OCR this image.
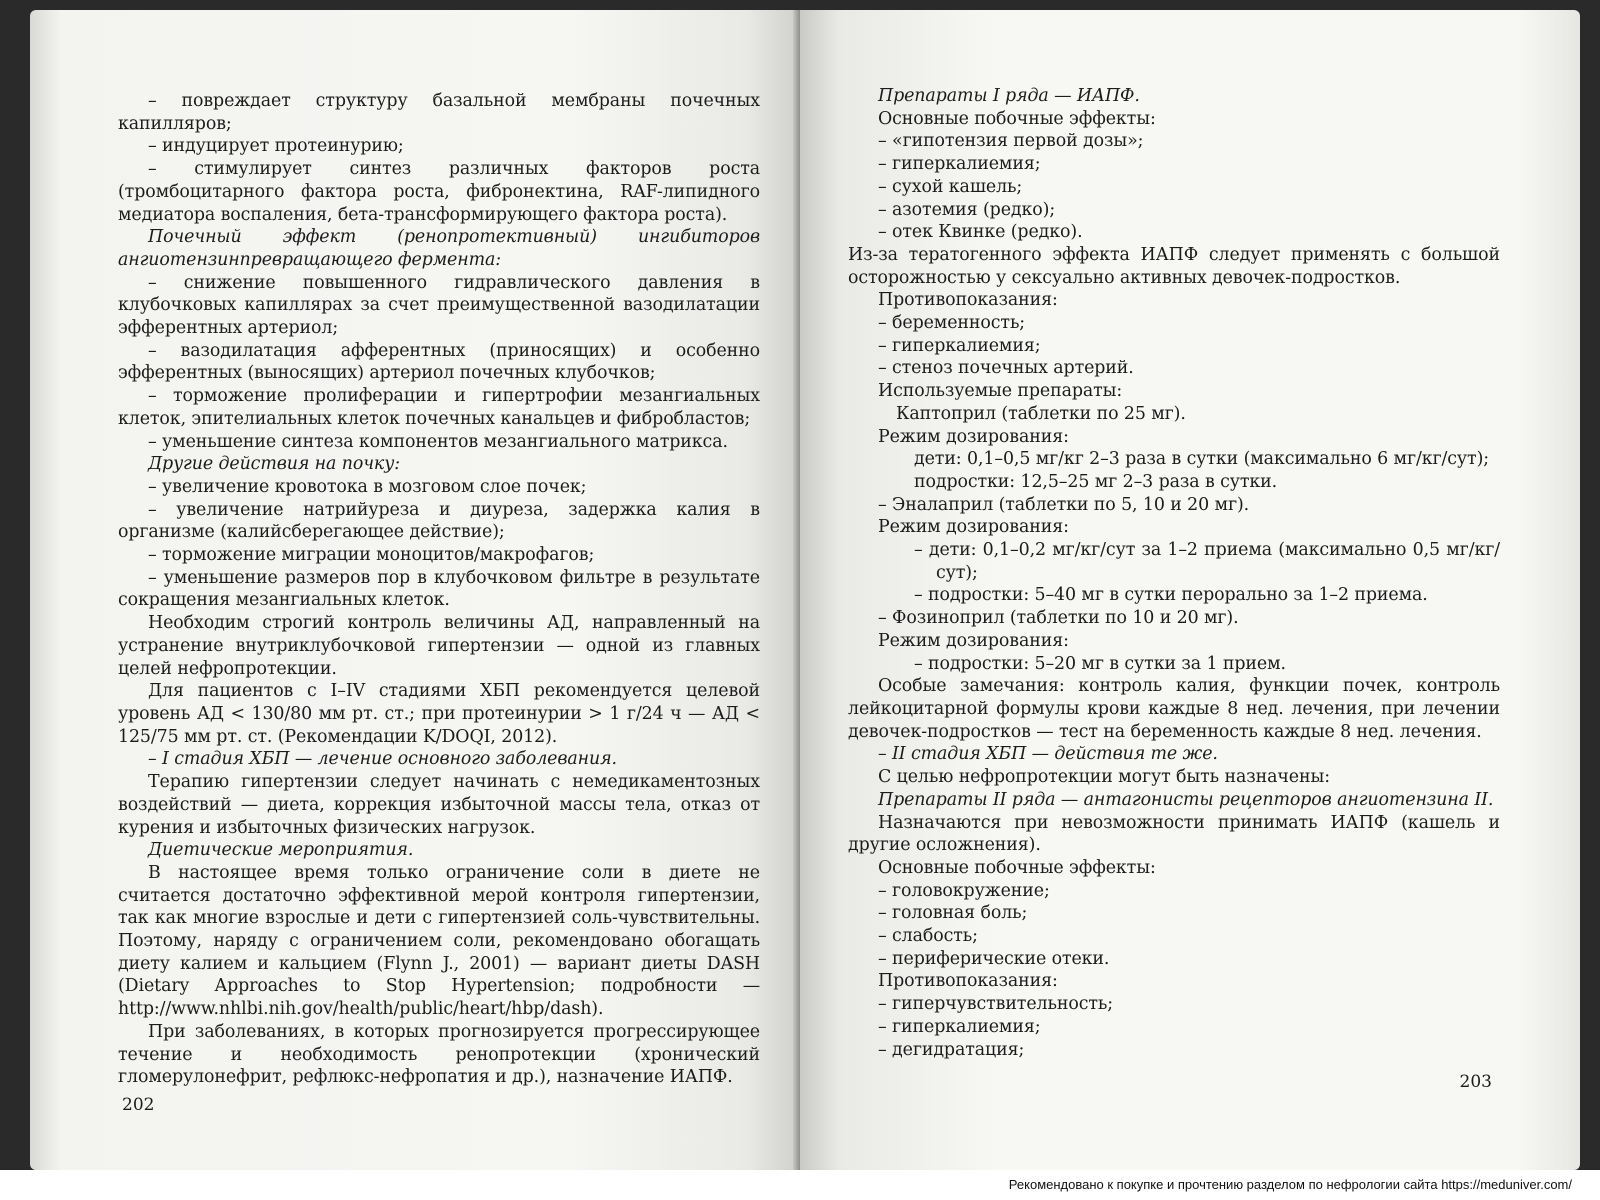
– повреждает структуру базальной мембраны почечных капилляров;

– индуцирует протеинурию;

– стимулирует синтез различных факторов роста (тромбоцитарного фактора роста, фибронектина, RAF-липидного медиатора воспаления, бета-трансформирующего фактора роста).

Почечный эффект (ренопротективный) ингибиторов ангиотензинпревращающего фермента:

– снижение повышенного гидравлического давления в клубочковых капиллярах за счет преимущественной вазодилатации эфферентных артериол;

– вазодилатация афферентных (приносящих) и особенно эфферентных (выносящих) артериол почечных клубочков;

– торможение пролиферации и гипертрофии мезангиальных клеток, эпителиальных клеток почечных канальцев и фибробластов;

– уменьшение синтеза компонентов мезангиального матрикса.

Другие действия на почку:

– увеличение кровотока в мозговом слое почек;

– увеличение натрийуреза и диуреза, задержка калия в организме (калийсберегающее действие);

– торможение миграции моноцитов/макрофагов;

– уменьшение размеров пор в клубочковом фильтре в результате сокращения мезангиальных клеток.

Необходим строгий контроль величины АД, направленный на устранение внутриклубочковой гипертензии — одной из главных целей нефропротекции.

Для пациентов с I–IV стадиями ХБП рекомендуется целевой уровень АД < 130/80 мм рт. ст.; при протеинурии > 1 г/24 ч — АД < 125/75 мм рт. ст. (Рекомендации K/DOQI, 2012).

– I стадия ХБП — лечение основного заболевания.

Терапию гипертензии следует начинать с немедикаментозных воздействий — диета, коррекция избыточной массы тела, отказ от курения и избыточных физических нагрузок.

Диетические мероприятия.

В настоящее время только ограничение соли в диете не считается достаточно эффективной мерой контроля гипертензии, так как многие взрослые и дети с гипертензией соль-чувствительны. Поэтому, наряду с ограничением соли, рекомендовано обогащать диету калием и кальцием (Flynn J., 2001) — вариант диеты DASH (Dietary Approaches to Stop Hypertension; подробности — http://www.nhlbi.nih.gov/health/public/heart/hbp/dash).

При заболеваниях, в которых прогнозируется прогрессирующее течение и необходимость ренопротекции (хронический гломерулонефрит, рефлюкс-нефропатия и др.), назначение ИАПФ.

202

Препараты I ряда — ИАПФ.

Основные побочные эффекты:

– «гипотензия первой дозы»;

– гиперкалиемия;

– сухой кашель;

– азотемия (редко);

– отек Квинке (редко).

Из-за тератогенного эффекта ИАПФ следует применять с большой осторожностью у сексуально активных девочек-подростков.

Противопоказания:

– беременность;

– гиперкалиемия;

– стеноз почечных артерий.

Используемые препараты:

Каптоприл (таблетки по 25 мг).

Режим дозирования:

дети: 0,1–0,5 мг/кг 2–3 раза в сутки (максимально 6 мг/кг/сут);

подростки: 12,5–25 мг 2–3 раза в сутки.

– Эналаприл (таблетки по 5, 10 и 20 мг).

Режим дозирования:

– дети: 0,1–0,2 мг/кг/сут за 1–2 приема (максимально 0,5 мг/кг/сут);

– подростки: 5–40 мг в сутки перорально за 1–2 приема.

– Фозиноприл (таблетки по 10 и 20 мг).

Режим дозирования:

– подростки: 5–20 мг в сутки за 1 прием.

Особые замечания: контроль калия, функции почек, контроль лейкоцитарной формулы крови каждые 8 нед. лечения, при лечении девочек-подростков — тест на беременность каждые 8 нед. лечения.

– II стадия ХБП — действия те же.

С целью нефропротекции могут быть назначены:

Препараты II ряда — антагонисты рецепторов ангиотензина II.

Назначаются при невозможности принимать ИАПФ (кашель и другие осложнения).

Основные побочные эффекты:

– головокружение;

– головная боль;

– слабость;

– периферические отеки.

Противопоказания:

– гиперчувствительность;

– гиперкалиемия;

– дегидратация;

203
Рекомендовано к покупке и прочтению разделом по нефрологии сайта https://meduniver.com/
